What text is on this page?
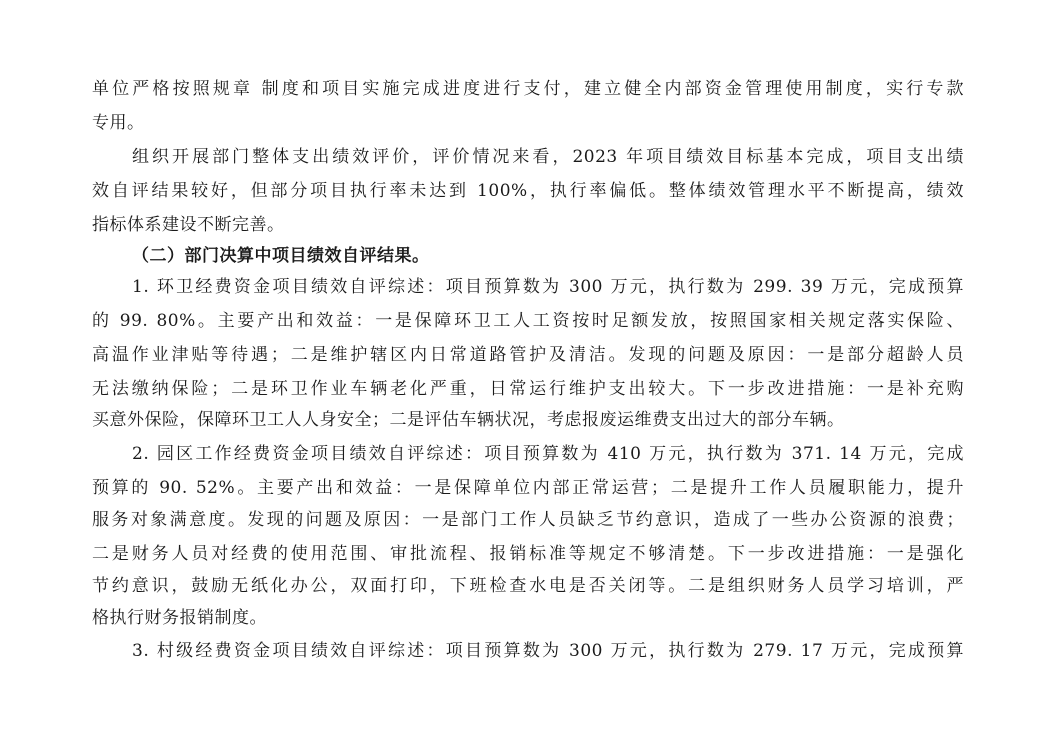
单位严格按照规章 制度和项目实施完成进度进行支付，建立健全内部资金管理使用制度，实行专款
专用。
组织开展部门整体支出绩效评价，评价情况来看，2023 年项目绩效目标基本完成，项目支出绩
效自评结果较好，但部分项目执行率未达到 100%，执行率偏低。整体绩效管理水平不断提高，绩效
指标体系建设不断完善。
（二）部门决算中项目绩效自评结果。
1. 环卫经费资金项目绩效自评综述：项目预算数为 300 万元，执行数为 299. 39 万元，完成预算
的 99. 80%。主要产出和效益：一是保障环卫工人工资按时足额发放，按照国家相关规定落实保险、
高温作业津贴等待遇；二是维护辖区内日常道路管护及清洁。发现的问题及原因：一是部分超龄人员
无法缴纳保险；二是环卫作业车辆老化严重，日常运行维护支出较大。下一步改进措施：一是补充购
买意外保险，保障环卫工人人身安全；二是评估车辆状况，考虑报废运维费支出过大的部分车辆。
2. 园区工作经费资金项目绩效自评综述：项目预算数为 410 万元，执行数为 371. 14 万元，完成
预算的 90. 52%。主要产出和效益：一是保障单位内部正常运营；二是提升工作人员履职能力，提升
服务对象满意度。发现的问题及原因：一是部门工作人员缺乏节约意识，造成了一些办公资源的浪费；
二是财务人员对经费的使用范围、审批流程、报销标准等规定不够清楚。下一步改进措施：一是强化
节约意识，鼓励无纸化办公，双面打印，下班检查水电是否关闭等。二是组织财务人员学习培训，严
格执行财务报销制度。
3. 村级经费资金项目绩效自评综述：项目预算数为 300 万元，执行数为 279. 17 万元，完成预算
